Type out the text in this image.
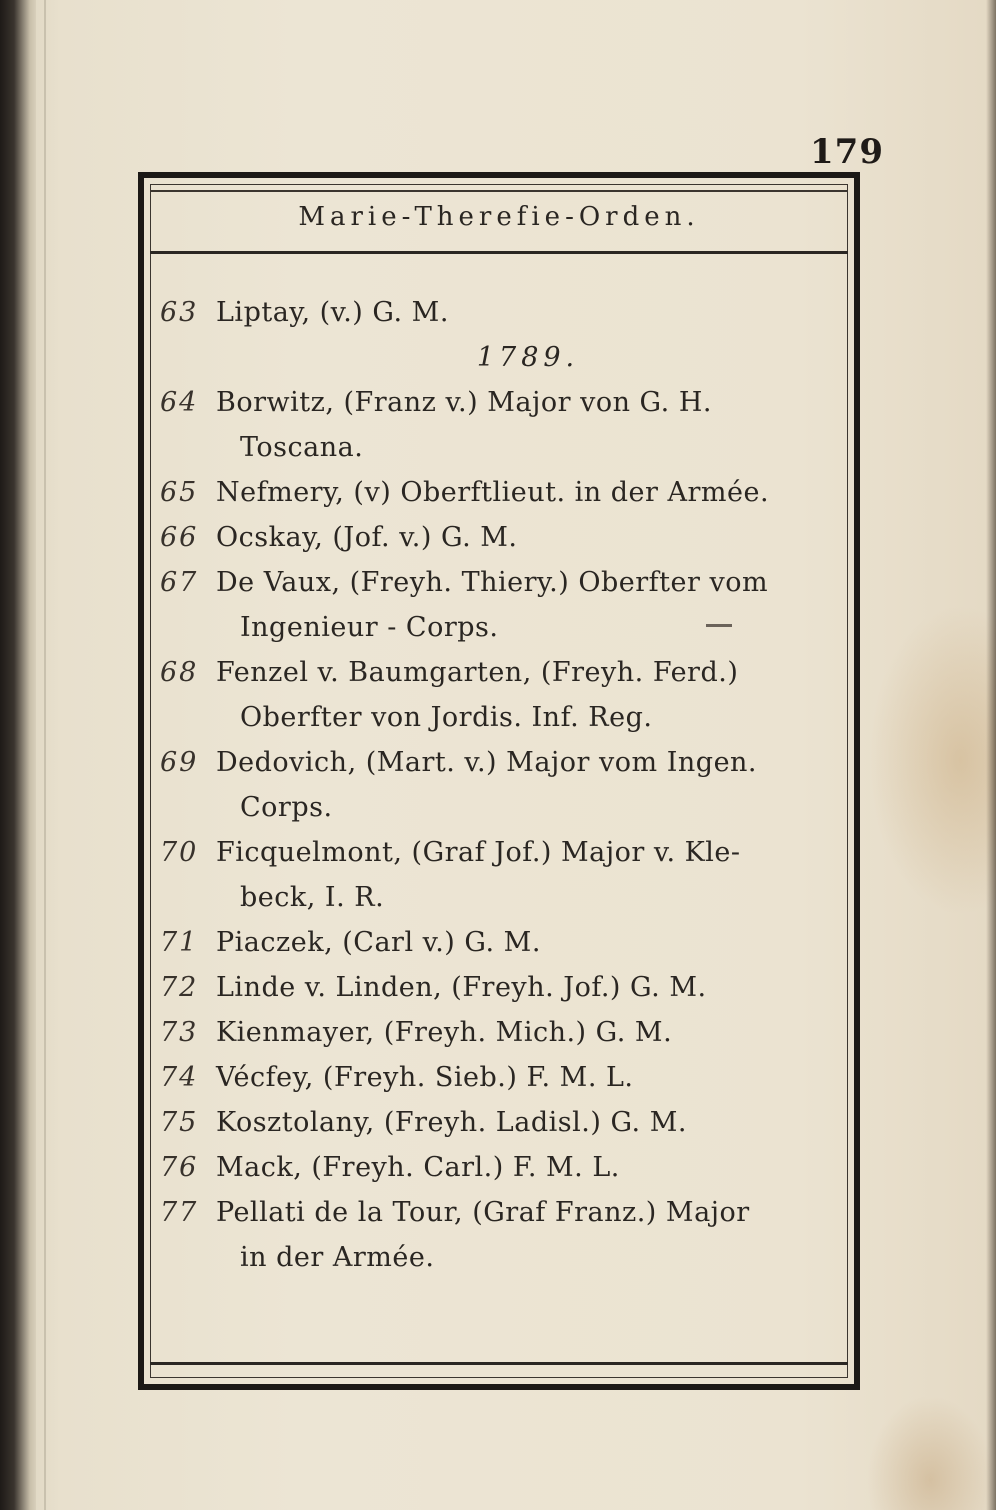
179
Marie-Therefie-Orden.
63 Liptay, (v.) G. M.
1789.
64 Borwitz, (Franz v.) Major von G. H.
Toscana.
65 Nefmery, (v) Oberftlieut. in der Armée.
66 Ocskay, (Jof. v.) G. M.
67 De Vaux, (Freyh. Thiery.) Oberfter vom
Ingenieur - Corps.
68 Fenzel v. Baumgarten, (Freyh. Ferd.)
Oberfter von Jordis. Inf. Reg.
69 Dedovich, (Mart. v.) Major vom Ingen.
Corps.
70 Ficquelmont, (Graf Jof.) Major v. Kle-
beck, I. R.
71 Piaczek, (Carl v.) G. M.
72 Linde v. Linden, (Freyh. Jof.) G. M.
73 Kienmayer, (Freyh. Mich.) G. M.
74 Vécfey, (Freyh. Sieb.) F. M. L.
75 Kosztolany, (Freyh. Ladisl.) G. M.
76 Mack, (Freyh. Carl.) F. M. L.
77 Pellati de la Tour, (Graf Franz.) Major
in der Armée.
